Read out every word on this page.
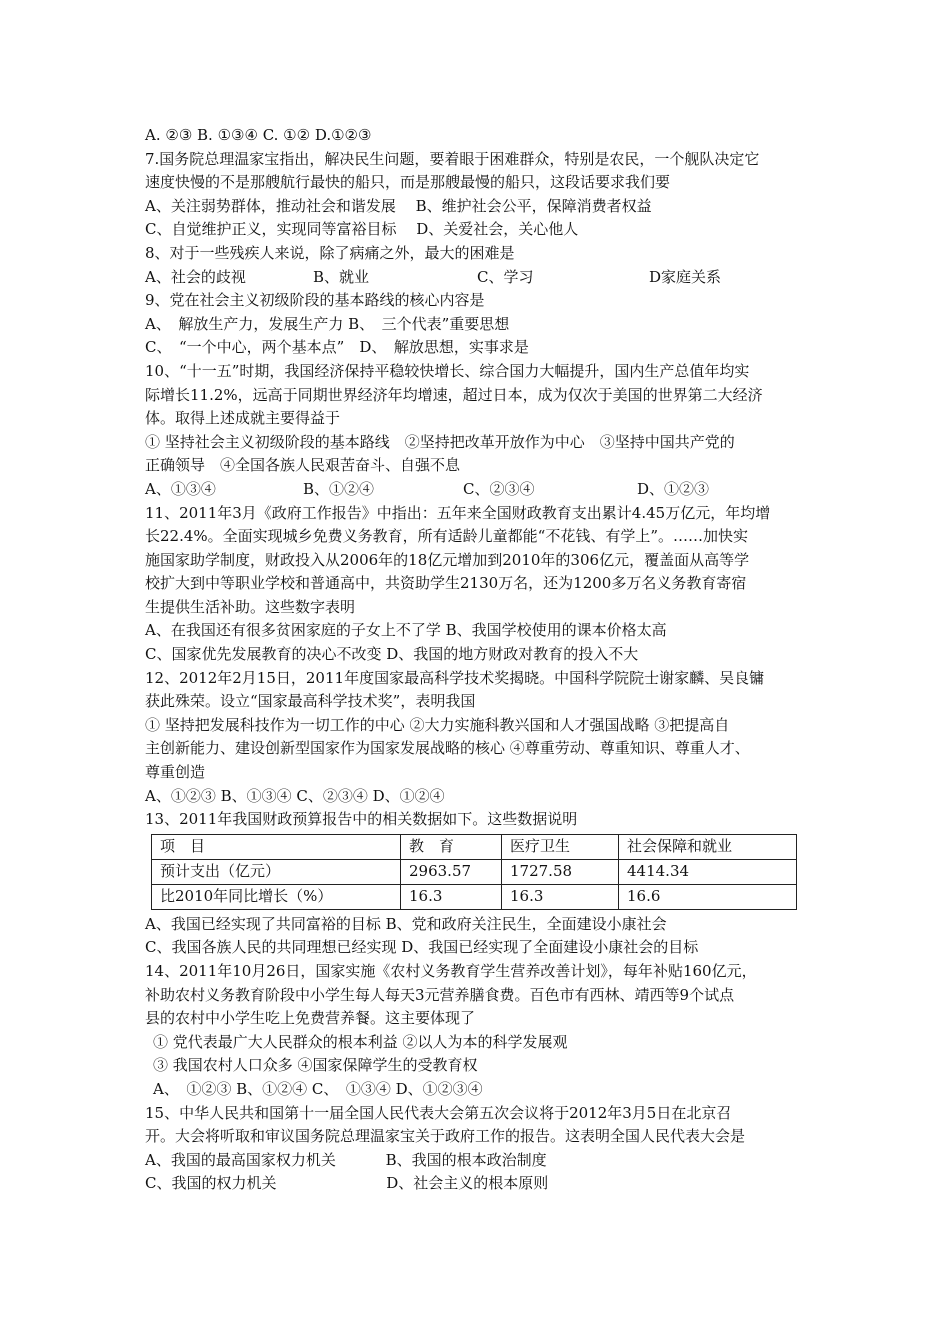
A. ②③ B. ①③④ C. ①② D.①②③
7.国务院总理温家宝指出，解决民生问题，要着眼于困难群众，特别是农民，一个舰队决定它
速度快慢的不是那艘航行最快的船只，而是那艘最慢的船只，这段话要求我们要
A、关注弱势群体，推动社会和谐发展　 B、维护社会公平，保障消费者权益
C、自觉维护正义，实现同等富裕目标　 D、关爱社会，关心他人
8、对于一些残疾人来说，除了病痛之外，最大的困难是
A、社会的歧视	B、就业	C、学习	D家庭关系
9、党在社会主义初级阶段的基本路线的核心内容是
A、　解放生产力，发展生产力 B、　三个代表”重要思想
C、　“一个中心，两个基本点”　D、　解放思想，实事求是
10、“十一五”时期，我国经济保持平稳较快增长、综合国力大幅提升，国内生产总值年均实
际增长11.2%，远高于同期世界经济年均增速，超过日本，成为仅次于美国的世界第二大经济
体。取得上述成就主要得益于
① 坚持社会主义初级阶段的基本路线　②坚持把改革开放作为中心　③坚持中国共产党的
正确领导　④全国各族人民艰苦奋斗、自强不息
A、①③④	B、①②④	C、②③④	D、①②③
11、2011年3月《政府工作报告》中指出：五年来全国财政教育支出累计4.45万亿元，年均增
长22.4%。全面实现城乡免费义务教育，所有适龄儿童都能“不花钱、有学上”。……加快实
施国家助学制度，财政投入从2006年的18亿元增加到2010年的306亿元，覆盖面从高等学
校扩大到中等职业学校和普通高中，共资助学生2130万名，还为1200多万名义务教育寄宿
生提供生活补助。这些数字表明
A、在我国还有很多贫困家庭的子女上不了学 B、我国学校使用的课本价格太高
C、国家优先发展教育的决心不改变 D、我国的地方财政对教育的投入不大
12、2012年2月15日，2011年度国家最高科学技术奖揭晓。中国科学院院士谢家麟、吴良镛
获此殊荣。设立“国家最高科学技术奖”，表明我国
① 坚持把发展科技作为一切工作的中心 ②大力实施科教兴国和人才强国战略 ③把提高自
主创新能力、建设创新型国家作为国家发展战略的核心 ④尊重劳动、尊重知识、尊重人才、
尊重创造
A、①②③ B、①③④ C、②③④ D、①②④
13、2011年我国财政预算报告中的相关数据如下。这些数据说明
项　目	教　育	医疗卫生	社会保障和就业
预计支出（亿元）	2963.57	1727.58	4414.34
比2010年同比增长（%）	16.3	16.3	16.6
A、我国已经实现了共同富裕的目标 B、党和政府关注民生，全面建设小康社会
C、我国各族人民的共同理想已经实现 D、我国已经实现了全面建设小康社会的目标
14、2011年10月26日，国家实施《农村义务教育学生营养改善计划》，每年补贴160亿元，
补助农村义务教育阶段中小学生每人每天3元营养膳食费。百色市有西林、靖西等9个试点
县的农村中小学生吃上免费营养餐。这主要体现了
① 党代表最广大人民群众的根本利益 ②以人为本的科学发展观
③ 我国农村人口众多 ④国家保障学生的受教育权
A、　①②③ B、①②④ C、　①③④ D、①②③④
15、中华人民共和国第十一届全国人民代表大会第五次会议将于2012年3月5日在北京召
开。大会将听取和审议国务院总理温家宝关于政府工作的报告。这表明全国人民代表大会是
A、我国的最高国家权力机关　　　 B、我国的根本政治制度
C、我国的权力机关　　　　　　　 D、社会主义的根本原则
